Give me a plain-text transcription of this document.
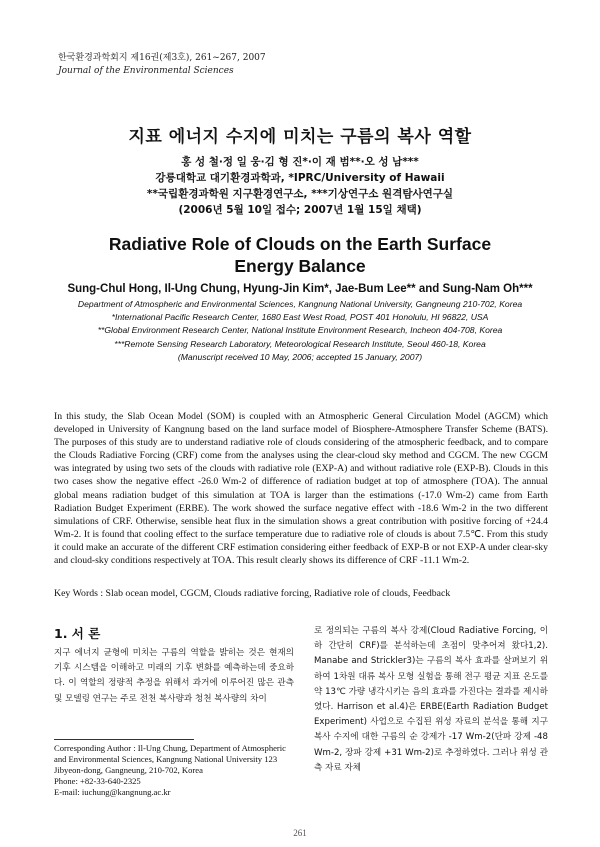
한국환경과학회지 제16권(제3호), 261~267, 2007
Journal of the Environmental Sciences
지표 에너지 수지에 미치는 구름의 복사 역할
홍 성 철·정 일 웅·김 형 진*·이 재 범**·오 성 남***
강릉대학교 대기환경과학과, *IPRC/University of Hawaii
**국립환경과학원 지구환경연구소, ***기상연구소 원격탐사연구실
(2006년 5월 10일 접수; 2007년 1월 15일 채택)
Radiative Role of Clouds on the Earth Surface
Energy Balance
Sung-Chul Hong, Il-Ung Chung, Hyung-Jin Kim*, Jae-Bum Lee** and Sung-Nam Oh***
Department of Atmospheric and Environmental Sciences, Kangnung National University, Gangneung 210-702, Korea
*International Pacific Research Center, 1680 East West Road, POST 401 Honolulu, HI 96822, USA
**Global Environment Research Center, National Institute Environment Research, Incheon 404-708, Korea
***Remote Sensing Research Laboratory, Meteorological Research Institute, Seoul 460-18, Korea
(Manuscript received 10 May, 2006; accepted 15 January, 2007)

In this study, the Slab Ocean Model (SOM) is coupled with an Atmospheric General Circulation Model (AGCM) which developed in University of Kangnung based on the land surface model of Biosphere-Atmosphere Transfer Scheme (BATS). The purposes of this study are to understand radiative role of clouds considering of the atmospheric feedback, and to compare the Clouds Radiative Forcing (CRF) come from the analyses using the clear-cloud sky method and CGCM. The new CGCM was integrated by using two sets of the clouds with radiative role (EXP-A) and without radiative role (EXP-B). Clouds in this two cases show the negative effect -26.0 Wm-2 of difference of radiation budget at top of atmosphere (TOA). The annual global means radiation budget of this simulation at TOA is larger than the estimations (-17.0 Wm-2) came from Earth Radiation Budget Experiment (ERBE). The work showed the surface negative effect with -18.6 Wm-2 in the two different simulations of CRF. Otherwise, sensible heat flux in the simulation shows a great contribution with positive forcing of +24.4 Wm-2. It is found that cooling effect to the surface temperature due to radiative role of clouds is about 7.5℃. From this study it could make an accurate of the different CRF estimation considering either feedback of EXP-B or not EXP-A under clear-sky and cloud-sky conditions respectively at TOA. This result clearly shows its difference of CRF -11.1 Wm-2.

Key Words : Slab ocean model, CGCM, Clouds radiative forcing, Radiative role of clouds, Feedback
1. 서 론

지구 에너지 균형에 미치는 구름의 역할을 밝히는 것은 현재의 기후 시스템을 이해하고 미래의 기후 변화를 예측하는데 중요하다. 이 역할의 정량적 추정을 위해서 과거에 이루어진 많은 관측 및 모델링 연구는 주로 전천 복사량과 청천 복사량의 차이

로 정의되는 구름의 복사 강제(Cloud Radiative Forcing, 이하 간단히 CRF)를 분석하는데 초점이 맞추어져 왔다1,2). Manabe and Strickler3)는 구름의 복사 효과를 살펴보기 위하여 1차원 대류 복사 모형 실험을 통해 전구 평균 지표 온도를 약 13℃ 가량 냉각시키는 음의 효과를 가진다는 결과를 제시하였다. Harrison et al.4)은 ERBE(Earth Radiation Budget Experiment) 사업으로 수집된 위성 자료의 분석을 통해 지구 복사 수지에 대한 구름의 순 강제가 -17 Wm-2(단파 강제 -48 Wm-2, 장파 강제 +31 Wm-2)로 추정하였다. 그러나 위성 관측 자료 자체

Corresponding Author : Il-Ung Chung, Department of Atmospheric and Environmental Sciences, Kangnung National University 123 Jibyeon-dong, Gangneung, 210-702, Korea
Phone: +82-33-640-2325
E-mail: iuchung@kangnung.ac.kr
261
